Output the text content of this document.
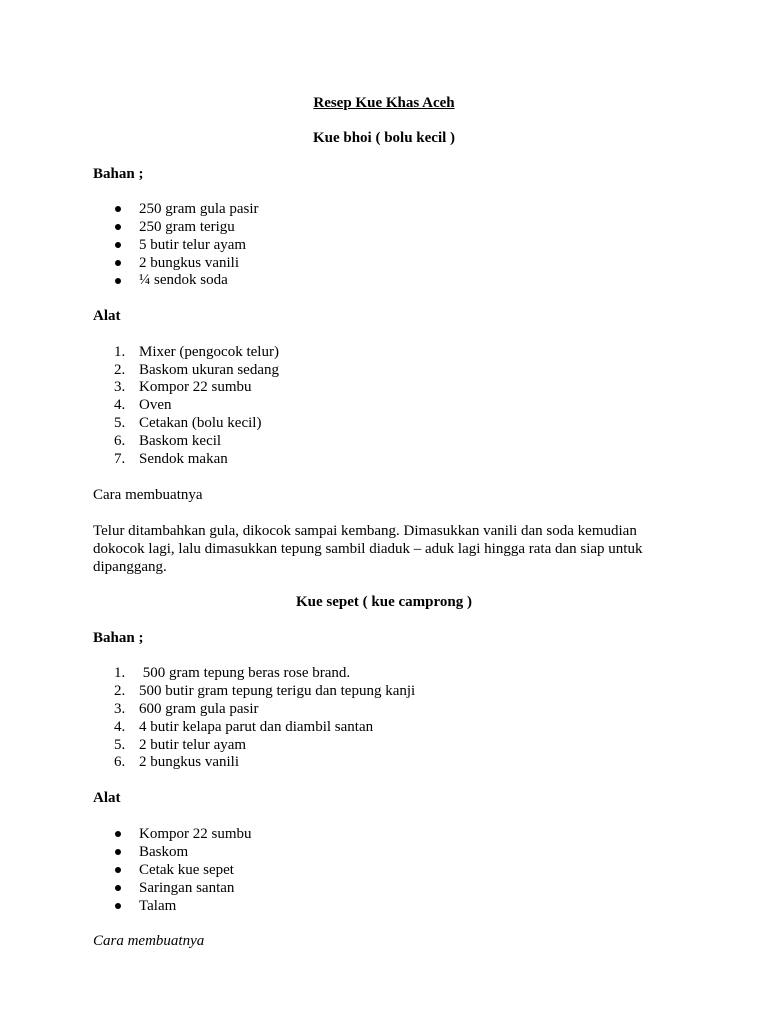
Resep Kue Khas Aceh
Kue bhoi ( bolu kecil )
Bahan ;
250 gram gula pasir
250 gram terigu
5 butir telur ayam
2 bungkus vanili
¼ sendok soda
Alat
1. Mixer (pengocok telur)
2. Baskom ukuran sedang
3. Kompor 22 sumbu
4. Oven
5. Cetakan (bolu kecil)
6. Baskom kecil
7. Sendok makan
Cara membuatnya
Telur ditambahkan gula, dikocok sampai kembang. Dimasukkan vanili dan soda kemudian
dokocok lagi, lalu dimasukkan tepung sambil diaduk – aduk lagi hingga rata dan siap untuk
dipanggang.
Kue sepet ( kue camprong )
Bahan ;
1. 500 gram tepung beras rose brand.
2. 500 butir gram tepung terigu dan tepung kanji
3. 600 gram gula pasir
4. 4 butir kelapa parut dan diambil santan
5. 2 butir telur ayam
6. 2 bungkus vanili
Alat
Kompor 22 sumbu
Baskom
Cetak kue sepet
Saringan santan
Talam
Cara membuatnya
